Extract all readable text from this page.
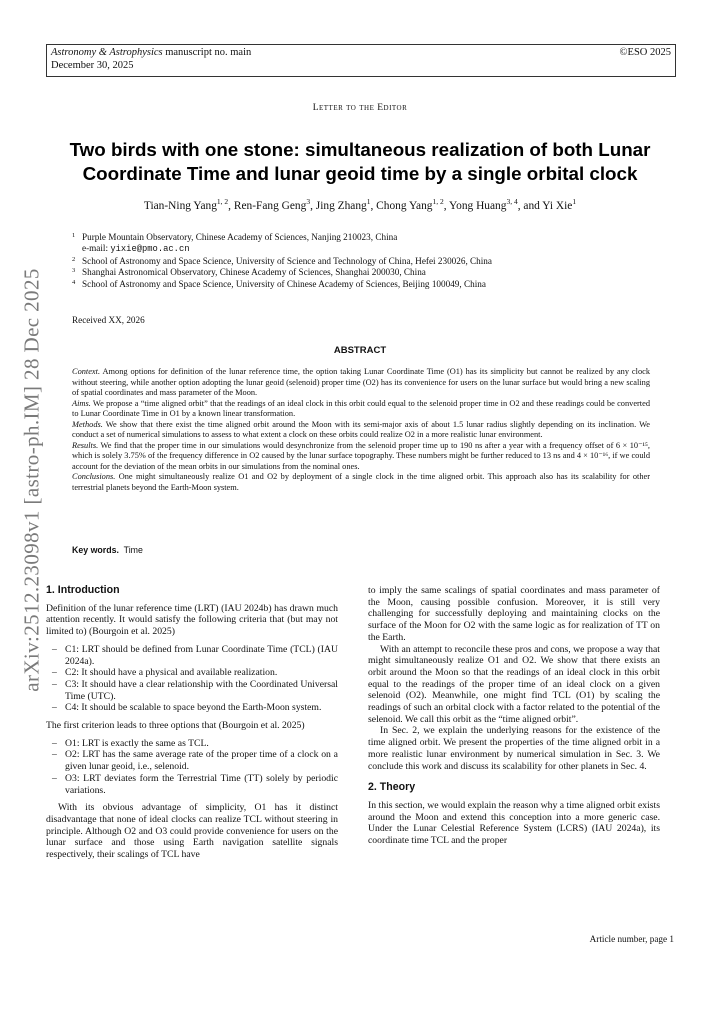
Astronomy & Astrophysics manuscript no. main
December 30, 2025
©ESO 2025
arXiv:2512.23098v1 [astro-ph.IM] 28 Dec 2025
Letter to the Editor
Two birds with one stone: simultaneous realization of both Lunar Coordinate Time and lunar geoid time by a single orbital clock
Tian-Ning Yang$^{1, 2}$, Ren-Fang Geng$^3$, Jing Zhang$^1$, Chong Yang$^{1, 2}$, Yong Huang$^{3, 4}$, and Yi Xie$^1$
1 Purple Mountain Observatory, Chinese Academy of Sciences, Nanjing 210023, China
e-mail: yixie@pmo.ac.cn
2 School of Astronomy and Space Science, University of Science and Technology of China, Hefei 230026, China
3 Shanghai Astronomical Observatory, Chinese Academy of Sciences, Shanghai 200030, China
4 School of Astronomy and Space Science, University of Chinese Academy of Sciences, Beijing 100049, China
Received XX, 2026
ABSTRACT

Context. Among options for definition of the lunar reference time, the option taking Lunar Coordinate Time (O1) has its simplicity but cannot be realized by any clock without steering, while another option adopting the lunar geoid (selenoid) proper time (O2) has its convenience for users on the lunar surface but would bring a new scaling of spatial coordinates and mass parameter of the Moon.

Aims. We propose a “time aligned orbit” that the readings of an ideal clock in this orbit could equal to the selenoid proper time in O2 and these readings could be converted to Lunar Coordinate Time in O1 by a known linear transformation.

Methods. We show that there exist the time aligned orbit around the Moon with its semi-major axis of about 1.5 lunar radius slightly depending on its inclination. We conduct a set of numerical simulations to assess to what extent a clock on these orbits could realize O2 in a more realistic lunar environment.

Results. We find that the proper time in our simulations would desynchronize from the selenoid proper time up to 190 ns after a year with a frequency offset of 6 × 10⁻¹⁵, which is solely 3.75% of the frequency difference in O2 caused by the lunar surface topography. These numbers might be further reduced to 13 ns and 4 × 10⁻¹⁶, if we could account for the deviation of the mean orbits in our simulations from the nominal ones.

Conclusions. One might simultaneously realize O1 and O2 by deployment of a single clock in the time aligned orbit. This approach also has its scalability for other terrestrial planets beyond the Earth-Moon system.

Key words. Time
1. Introduction

Definition of the lunar reference time (LRT) (IAU 2024b) has drawn much attention recently. It would satisfy the following criteria that (but may not limited to) (Bourgoin et al. 2025)

– C1: LRT should be defined from Lunar Coordinate Time (TCL) (IAU 2024a).
– C2: It should have a physical and available realization.
– C3: It should have a clear relationship with the Coordinated Universal Time (UTC).
– C4: It should be scalable to space beyond the Earth-Moon system.

The first criterion leads to three options that (Bourgoin et al. 2025)

– O1: LRT is exactly the same as TCL.
– O2: LRT has the same average rate of the proper time of a clock on a given lunar geoid, i.e., selenoid.
– O3: LRT deviates form the Terrestrial Time (TT) solely by periodic variations.

With its obvious advantage of simplicity, O1 has it distinct disadvantage that none of ideal clocks can realize TCL without steering in principle. Although O2 and O3 could provide convenience for users on the lunar surface and those using Earth navigation satellite signals respectively, their scalings of TCL have

to imply the same scalings of spatial coordinates and mass parameter of the Moon, causing possible confusion. Moreover, it is still very challenging for successfully deploying and maintaining clocks on the surface of the Moon for O2 with the same logic as for realization of TT on the Earth.

With an attempt to reconcile these pros and cons, we propose a way that might simultaneously realize O1 and O2. We show that there exists an orbit around the Moon so that the readings of an ideal clock in this orbit equal to the readings of the proper time of an ideal clock on a given selenoid (O2). Meanwhile, one might find TCL (O1) by scaling the readings of such an orbital clock with a factor related to the potential of the selenoid. We call this orbit as the “time aligned orbit”.

In Sec. 2, we explain the underlying reasons for the existence of the time aligned orbit. We present the properties of the time aligned orbit in a more realistic lunar environment by numerical simulation in Sec. 3. We conclude this work and discuss its scalability for other planets in Sec. 4.

2. Theory

In this section, we would explain the reason why a time aligned orbit exists around the Moon and extend this conception into a more generic case. Under the Lunar Celestial Reference System (LCRS) (IAU 2024a), its coordinate time TCL and the proper

Article number, page 1
